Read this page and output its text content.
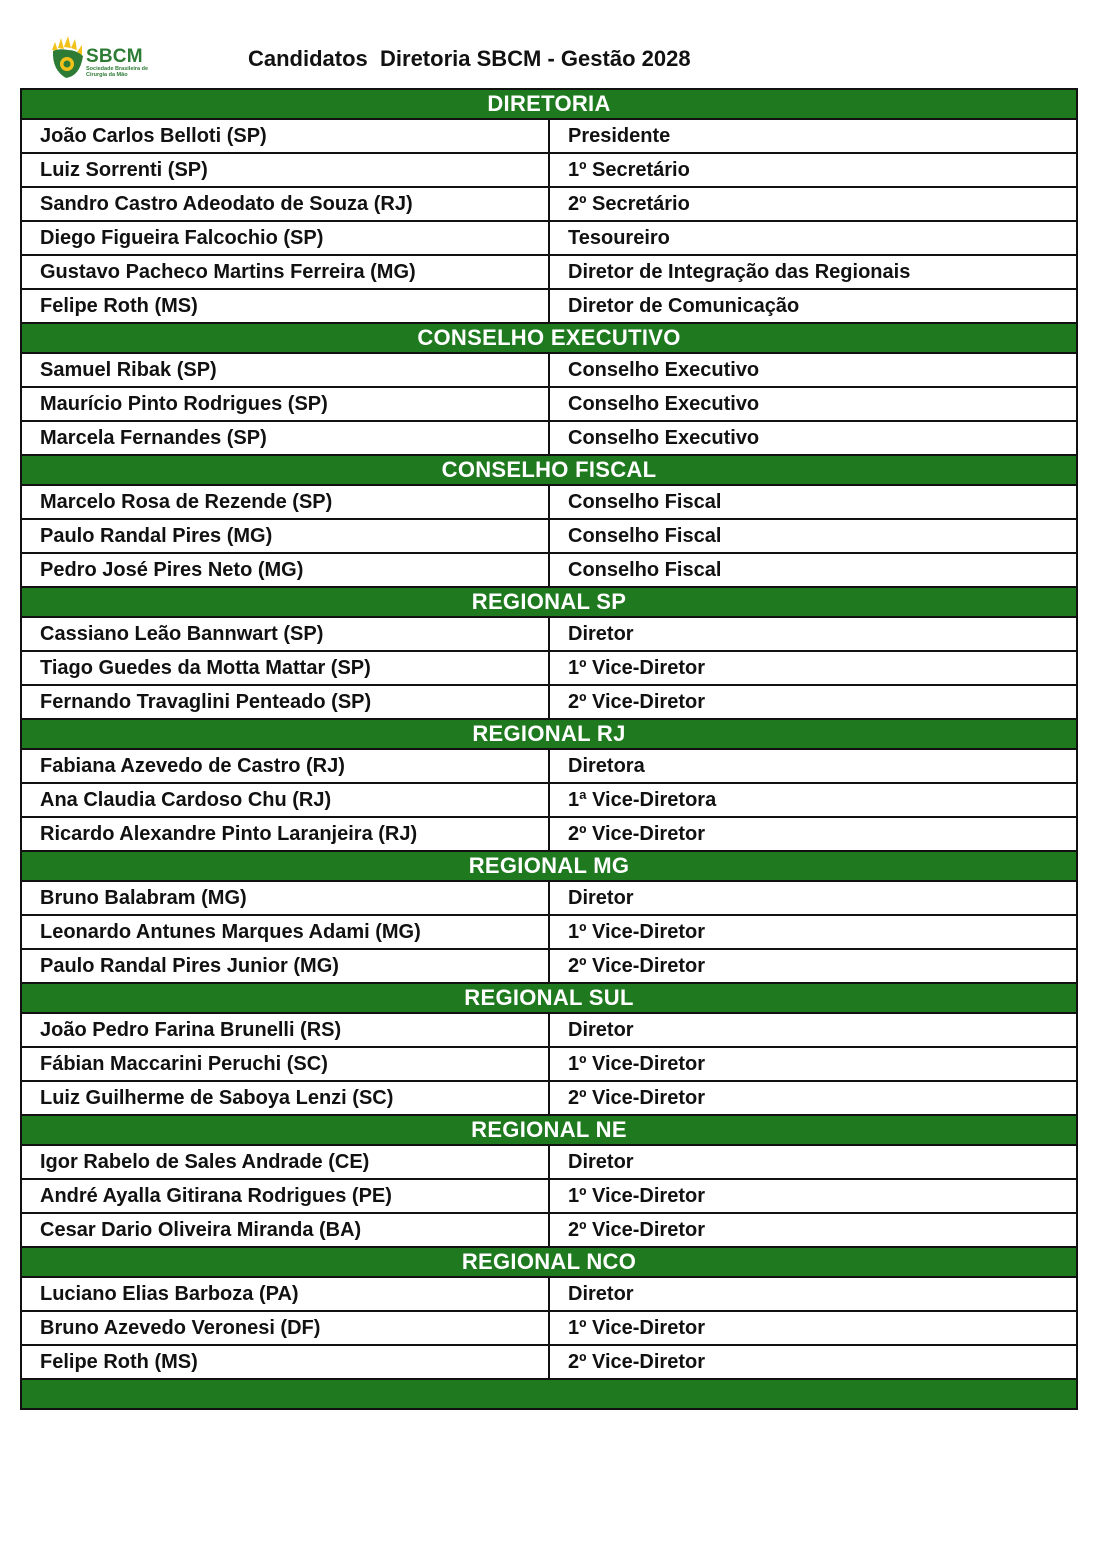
SBCM
Sociedade Brasileira de Cirurgia da Mão
Candidatos  Diretoria SBCM - Gestão 2028
DIRETORIA	
João Carlos Belloti (SP)	Presidente
Luiz Sorrenti (SP)	1º Secretário
Sandro Castro Adeodato de Souza (RJ)	2º Secretário
Diego Figueira Falcochio (SP)	Tesoureiro
Gustavo Pacheco Martins Ferreira (MG)	Diretor de Integração das Regionais
Felipe Roth (MS)	Diretor de Comunicação
CONSELHO EXECUTIVO	
Samuel Ribak (SP)	Conselho Executivo
Maurício Pinto Rodrigues (SP)	Conselho Executivo
Marcela Fernandes (SP)	Conselho Executivo
CONSELHO FISCAL	
Marcelo Rosa de Rezende (SP)	Conselho Fiscal
Paulo Randal Pires (MG)	Conselho Fiscal
Pedro José Pires Neto (MG)	Conselho Fiscal
REGIONAL SP	
Cassiano Leão Bannwart (SP)	Diretor
Tiago Guedes da Motta Mattar (SP)	1º Vice-Diretor
Fernando Travaglini Penteado (SP)	2º Vice-Diretor
REGIONAL RJ	
Fabiana Azevedo de Castro (RJ)	Diretora
Ana Claudia Cardoso Chu (RJ)	1ª Vice-Diretora
Ricardo Alexandre Pinto Laranjeira (RJ)	2º Vice-Diretor
REGIONAL MG	
Bruno Balabram (MG)	Diretor
Leonardo Antunes Marques Adami (MG)	1º Vice-Diretor
Paulo Randal Pires Junior (MG)	2º Vice-Diretor
REGIONAL SUL	
João Pedro Farina Brunelli (RS)	Diretor
Fábian Maccarini Peruchi (SC)	1º Vice-Diretor
Luiz Guilherme de Saboya Lenzi (SC)	2º Vice-Diretor
REGIONAL NE	
Igor Rabelo de Sales Andrade (CE)	Diretor
André Ayalla Gitirana Rodrigues (PE)	1º Vice-Diretor
Cesar Dario Oliveira Miranda (BA)	2º Vice-Diretor
REGIONAL NCO	
Luciano Elias Barboza (PA)	Diretor
Bruno Azevedo Veronesi (DF)	1º Vice-Diretor
Felipe Roth (MS)	2º Vice-Diretor
